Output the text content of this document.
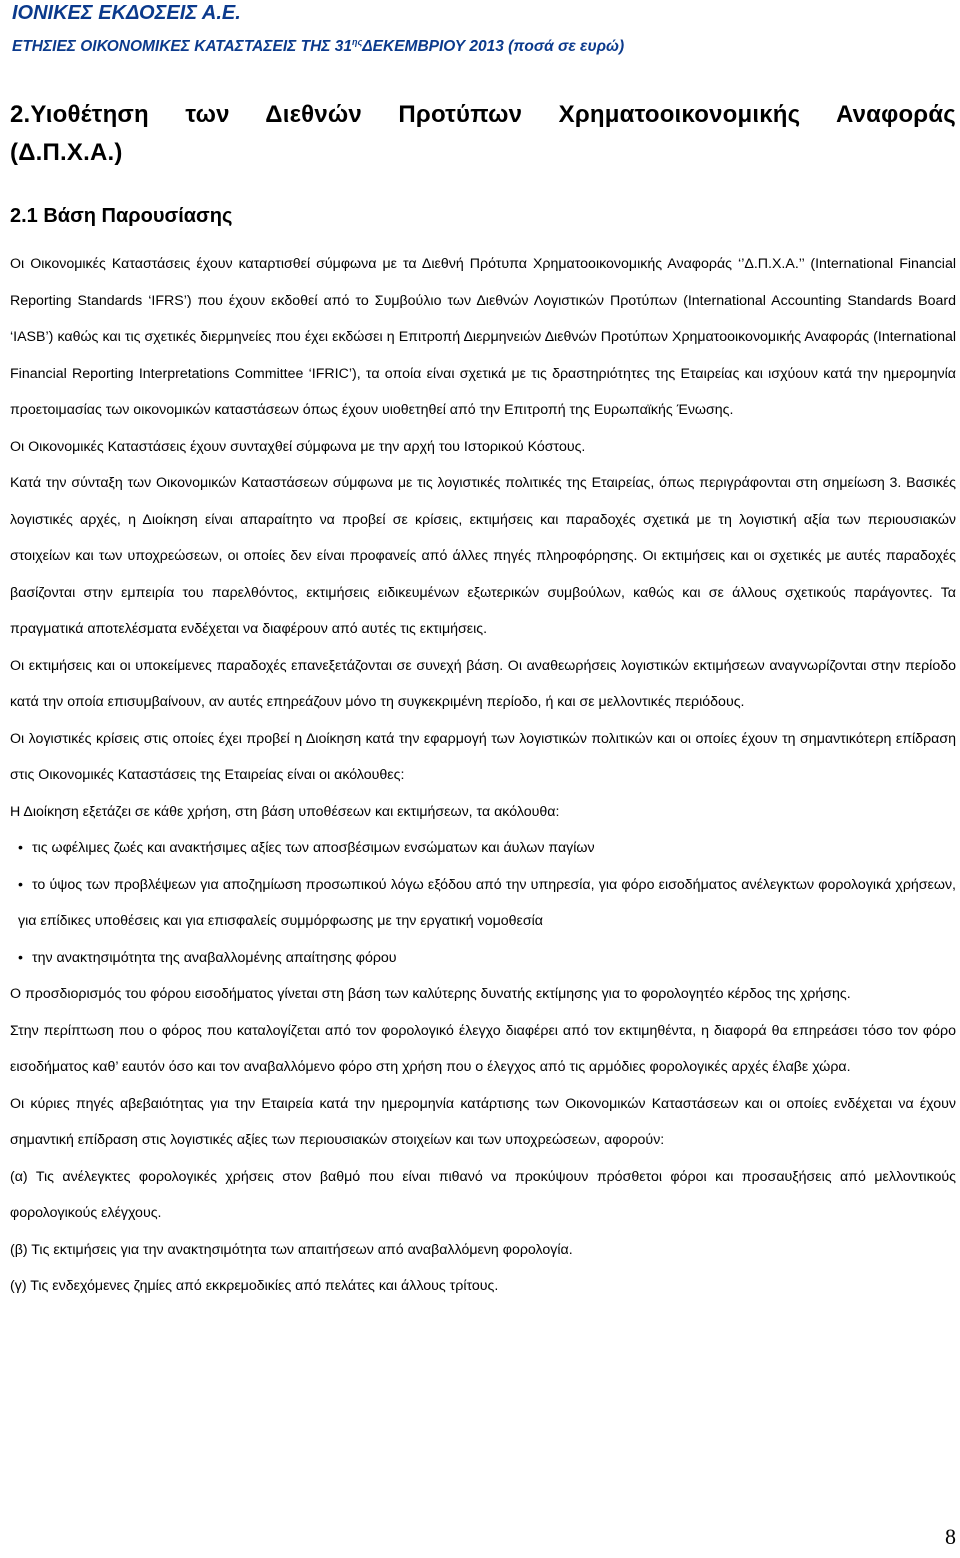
ΙΟΝΙΚΕΣ ΕΚΔΟΣΕΙΣ Α.Ε.
ΕΤΗΣΙΕΣ ΟΙΚΟΝΟΜΙΚΕΣ ΚΑΤΑΣΤΑΣΕΙΣ ΤΗΣ $31^{\eta\varsigma}\Delta EKEMBPIO\Upsilon$ 2013 (ποσά σε ευρώ)
2.Υιοθέτηση των Διεθνών Προτύπων Χρηματοοικονομικής Αναφοράς
(Δ.Π.Χ.Α.)
2.1 Βάση Παρουσίασης

Οι Οικονομικές Καταστάσεις έχουν καταρτισθεί σύμφωνα με τα Διεθνή Πρότυπα Χρηματοοικονομικής Αναφοράς ‘’Δ.Π.Χ.Α.’’ (International Financial Reporting Standards ‘IFRS’) που έχουν εκδοθεί από το Συμβούλιο των Διεθνών Λογιστικών Προτύπων (International Accounting Standards Board ‘IASB’) καθώς και τις σχετικές διερμηνείες που έχει εκδώσει η Επιτροπή Διερμηνειών Διεθνών Προτύπων Χρηματοοικονομικής Αναφοράς (International Financial Reporting Interpretations Committee ‘IFRIC’), τα οποία είναι σχετικά με τις δραστηριότητες της Εταιρείας και ισχύουν κατά την ημερομηνία προετοιμασίας των οικονομικών καταστάσεων όπως έχουν υιοθετηθεί από την Επιτροπή της Ευρωπαϊκής Ένωσης.

Οι Οικονομικές Καταστάσεις έχουν συνταχθεί σύμφωνα με την αρχή του Ιστορικού Κόστους.

Κατά την σύνταξη των Οικονομικών Καταστάσεων σύμφωνα με τις λογιστικές πολιτικές της Εταιρείας, όπως περιγράφονται στη σημείωση 3. Βασικές λογιστικές αρχές, η Διοίκηση είναι απαραίτητο να προβεί σε κρίσεις, εκτιμήσεις και παραδοχές σχετικά με τη λογιστική αξία των περιουσιακών στοιχείων και των υποχρεώσεων, οι οποίες δεν είναι προφανείς από άλλες πηγές πληροφόρησης. Οι εκτιμήσεις και οι σχετικές με αυτές παραδοχές βασίζονται στην εμπειρία του παρελθόντος, εκτιμήσεις ειδικευμένων εξωτερικών συμβούλων, καθώς και σε άλλους σχετικούς παράγοντες. Τα πραγματικά αποτελέσματα ενδέχεται να διαφέρουν από αυτές τις εκτιμήσεις.

Οι εκτιμήσεις και οι υποκείμενες παραδοχές επανεξετάζονται σε συνεχή βάση. Οι αναθεωρήσεις λογιστικών εκτιμήσεων αναγνωρίζονται στην περίοδο κατά την οποία επισυμβαίνουν, αν αυτές επηρεάζουν μόνο τη συγκεκριμένη περίοδο, ή και σε μελλοντικές περιόδους.

Οι λογιστικές κρίσεις στις οποίες έχει προβεί η Διοίκηση κατά την εφαρμογή των λογιστικών πολιτικών και οι οποίες έχουν τη σημαντικότερη επίδραση στις Οικονομικές Καταστάσεις της Εταιρείας είναι οι ακόλουθες:

Η Διοίκηση εξετάζει σε κάθε χρήση, στη βάση υποθέσεων και εκτιμήσεων, τα ακόλουθα:

• τις ωφέλιμες ζωές και ανακτήσιμες αξίες των αποσβέσιμων ενσώματων και άυλων παγίων

• το ύψος των προβλέψεων για αποζημίωση προσωπικού λόγω εξόδου από την υπηρεσία, για φόρο εισοδήματος ανέλεγκτων φορολογικά χρήσεων, για επίδικες υποθέσεις και για επισφαλείς συμμόρφωσης με την εργατική νομοθεσία

• την ανακτησιμότητα της αναβαλλομένης απαίτησης φόρου

Ο προσδιορισμός του φόρου εισοδήματος γίνεται στη βάση των καλύτερης δυνατής εκτίμησης για το φορολογητέο κέρδος της χρήσης.

Στην περίπτωση που ο φόρος που καταλογίζεται από τον φορολογικό έλεγχο διαφέρει από τον εκτιμηθέντα, η διαφορά θα επηρεάσει τόσο τον φόρο εισοδήματος καθ’ εαυτόν όσο και τον αναβαλλόμενο φόρο στη χρήση που ο έλεγχος από τις αρμόδιες φορολογικές αρχές έλαβε χώρα.

Οι κύριες πηγές αβεβαιότητας για την Εταιρεία κατά την ημερομηνία κατάρτισης των Οικονομικών Καταστάσεων και οι οποίες ενδέχεται να έχουν σημαντική επίδραση στις λογιστικές αξίες των περιουσιακών στοιχείων και των υποχρεώσεων, αφορούν:

(α) Τις ανέλεγκτες φορολογικές χρήσεις στον βαθμό που είναι πιθανό να προκύψουν πρόσθετοι φόροι και προσαυξήσεις από μελλοντικούς φορολογικούς ελέγχους.

(β) Τις εκτιμήσεις για την ανακτησιμότητα των απαιτήσεων από αναβαλλόμενη φορολογία.

(γ) Τις ενδεχόμενες ζημίες από εκκρεμοδικίες από πελάτες και άλλους τρίτους.

8
